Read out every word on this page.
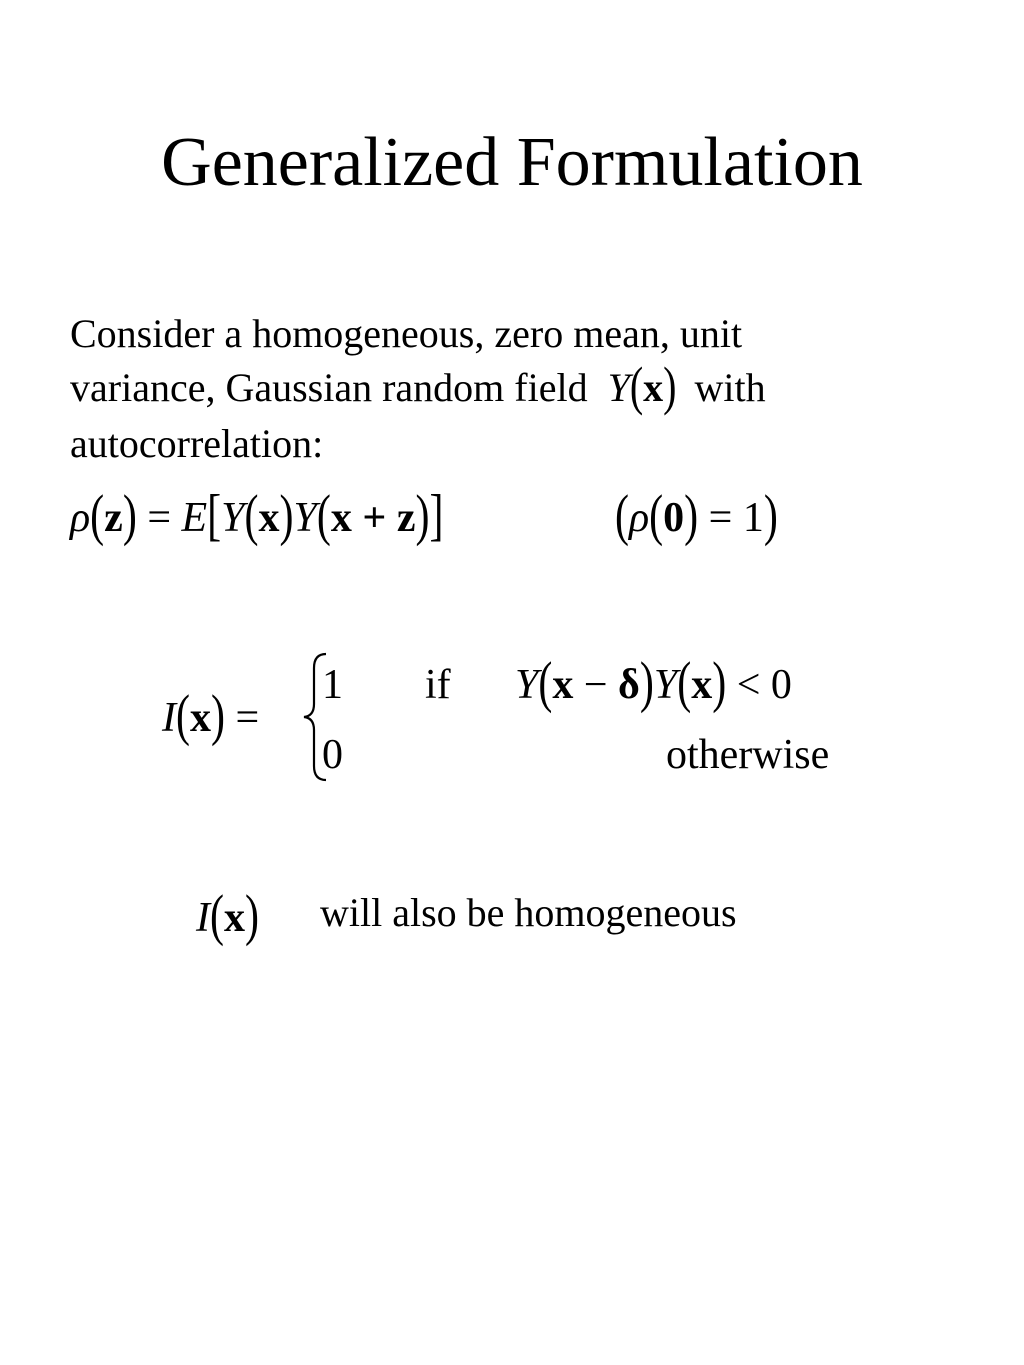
Generalized Formulation
Consider a homogeneous, zero mean, unit
variance, Gaussian random field Y(x) with
autocorrelation:
ρ(z) = E[Y(x)Y(x + z)]	(ρ(0) = 1)
I(x) =
1 if Y(x − δ)Y(x) < 0
0	otherwise
I(x) will also be homogeneous
